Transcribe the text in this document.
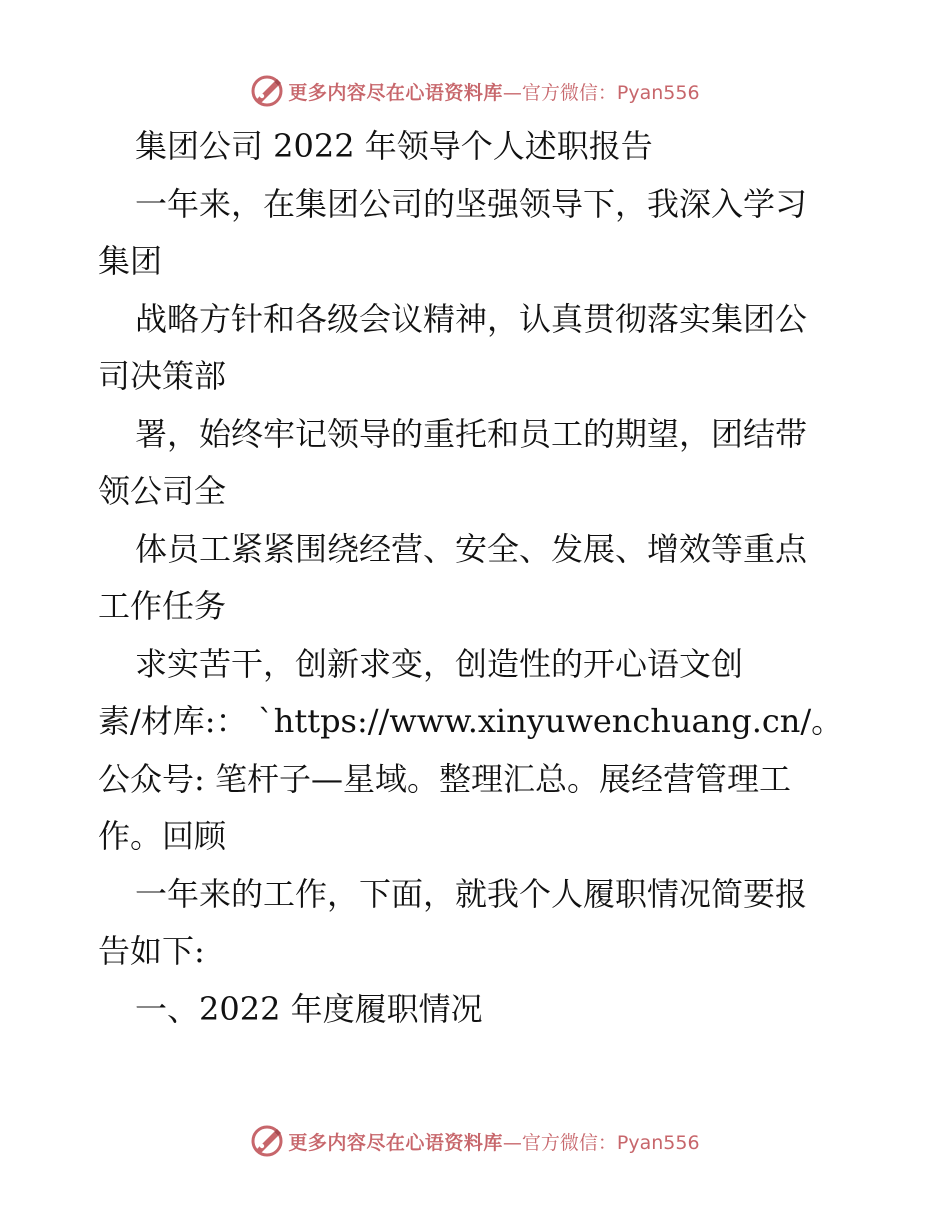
更多内容尽在心语资料库 —官方微信：Pyan556
集团公司 2022 年领导个人述职报告
一年来，在集团公司的坚强领导下，我深入学习
集团
战略方针和各级会议精神，认真贯彻落实集团公
司决策部
署，始终牢记领导的重托和员工的期望，团结带
领公司全
体员工紧紧围绕经营、安全、发展、增效等重点
工作任务
求实苦干，创新求变，创造性的开心语文创
素/材库:： `https://www.xinyuwenchuang.cn/。
公众号: 笔杆子—星域。整理汇总。展经营管理工
作。回顾
一年来的工作，下面，就我个人履职情况简要报
告如下:
一、2022 年度履职情况
更多内容尽在心语资料库 —官方微信：Pyan556
